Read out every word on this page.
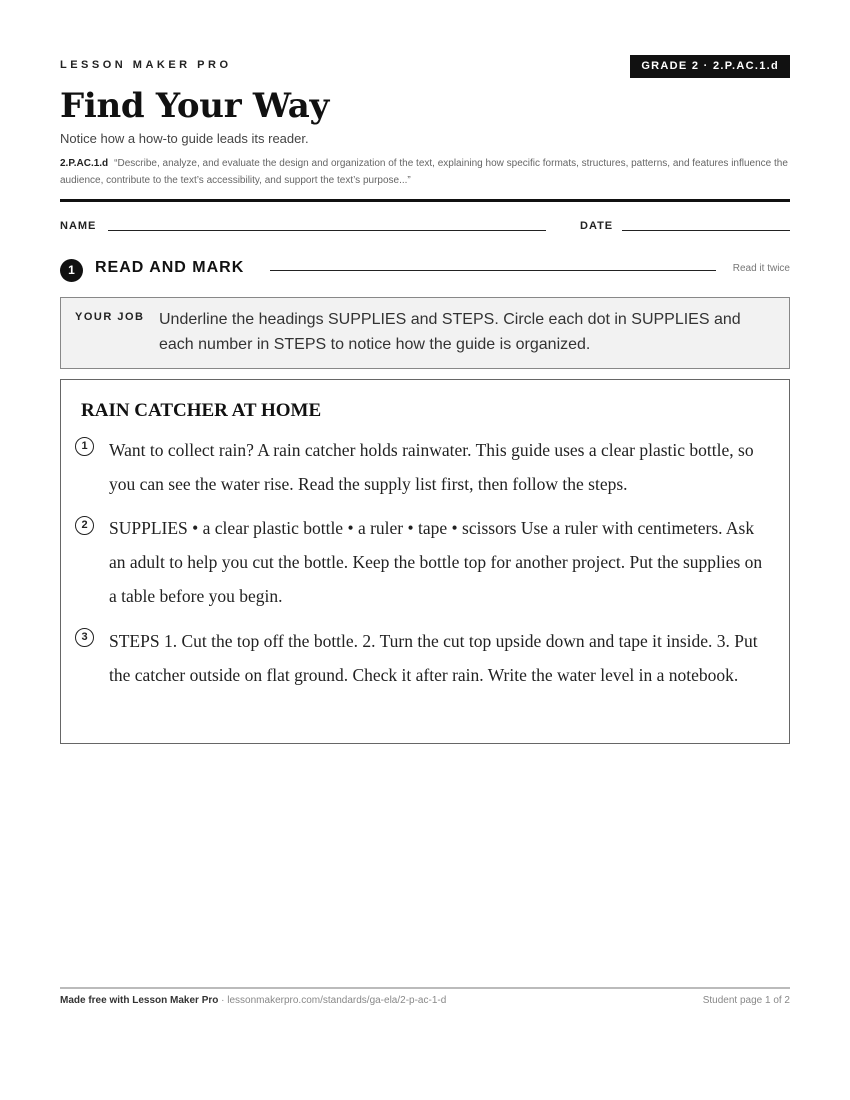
LESSON MAKER PRO	GRADE 2 · 2.P.AC.1.d
Find Your Way
Notice how a how-to guide leads its reader.
2.P.AC.1.d “Describe, analyze, and evaluate the design and organization of the text, explaining how specific formats, structures, patterns, and features influence the audience, contribute to the text’s accessibility, and support the text’s purpose...”
NAME	DATE
1	READ AND MARK	Read it twice
YOUR JOB Underline the headings SUPPLIES and STEPS. Circle each dot in SUPPLIES and each number in STEPS to notice how the guide is organized.
RAIN CATCHER AT HOME
1	Want to collect rain? A rain catcher holds rainwater. This guide uses a clear plastic bottle, so you can see the water rise. Read the supply list first, then follow the steps.
2	SUPPLIES • a clear plastic bottle • a ruler • tape • scissors Use a ruler with centimeters. Ask an adult to help you cut the bottle. Keep the bottle top for another project. Put the supplies on a table before you begin.
3	STEPS 1. Cut the top off the bottle. 2. Turn the cut top upside down and tape it inside. 3. Put the catcher outside on flat ground. Check it after rain. Write the water level in a notebook.
Made free with Lesson Maker Pro · lessonmakerpro.com/standards/ga-ela/2-p-ac-1-d	Student page 1 of 2
